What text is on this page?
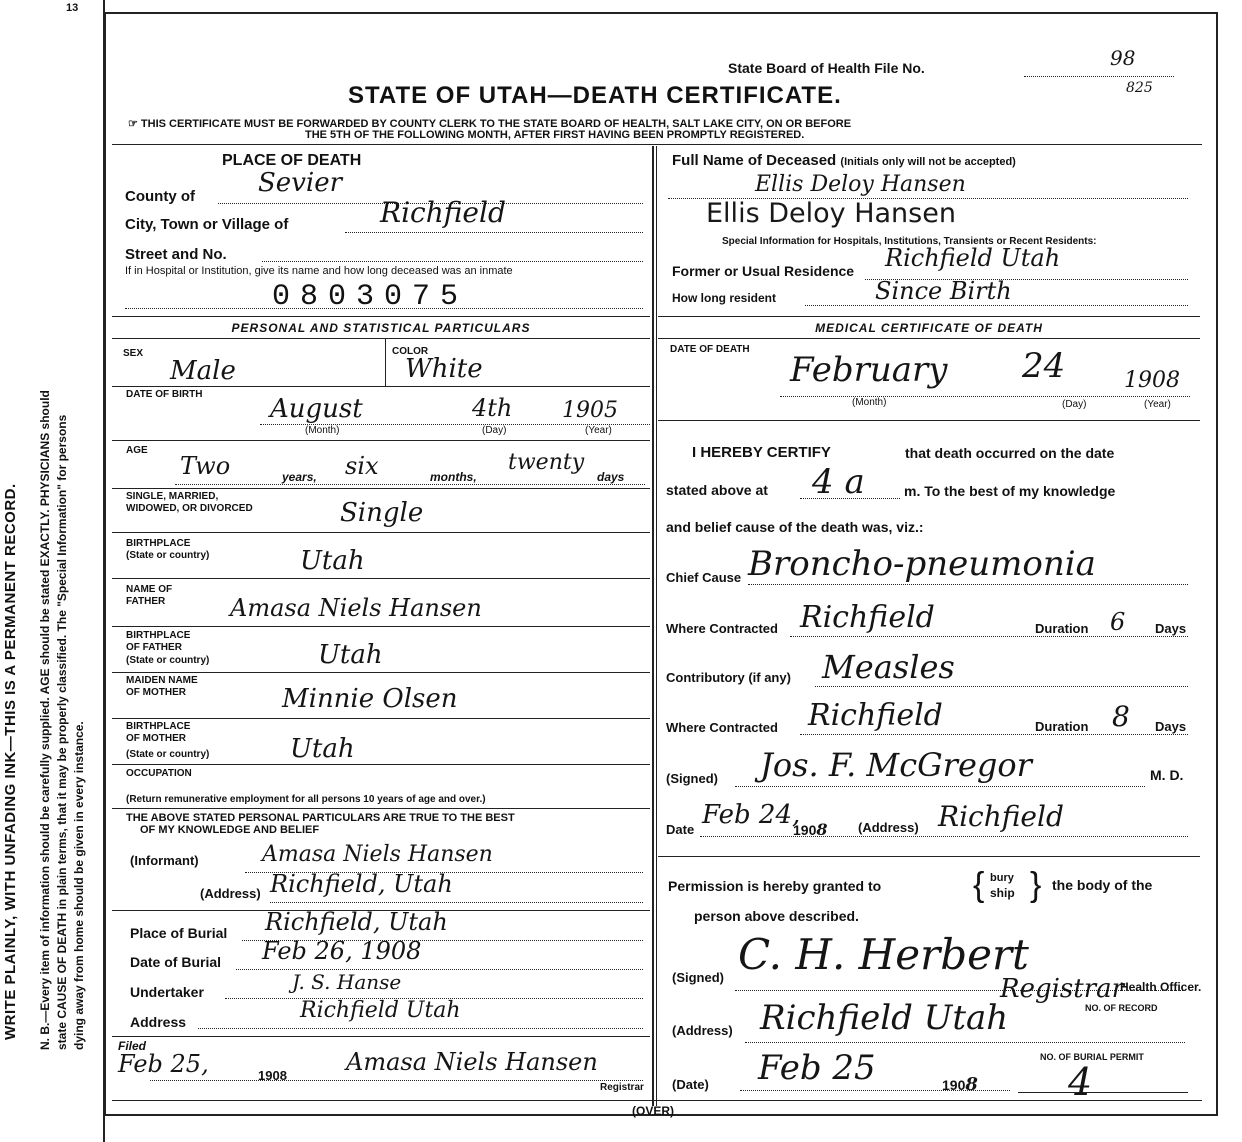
N. B.—Every item of information should be carefully supplied. AGE should be stated EXACTLY. PHYSICIANS should state CAUSE OF DEATH in plain terms, that it may be properly classified. The "Special Information" for persons dying away from home should be given in every instance.
WRITE PLAINLY, WITH UNFADING INK—THIS IS A PERMANENT RECORD.
13
State Board of Health File No.	98
825
STATE OF UTAH—DEATH CERTIFICATE.
☞ THIS CERTIFICATE MUST BE FORWARDED BY COUNTY CLERK TO THE STATE BOARD OF HEALTH, SALT LAKE CITY, ON OR BEFORE
THE 5TH OF THE FOLLOWING MONTH, AFTER FIRST HAVING BEEN PROMPTLY REGISTERED.
PLACE OF DEATH
County of Sevier
City, Town or Village of	Richfield
Street and No.
If in Hospital or Institution, give its name and how long deceased was an inmate
0803075
PERSONAL AND STATISTICAL PARTICULARS
SEX
Male
COLOR
White
DATE OF BIRTH	August	4th 1905
(Month)	(Day)	(Year)
AGE
Two	years, six	months,
twenty
days
SINGLE, MARRIED,
WIDOWED, OR DIVORCED	Single
BIRTHPLACE
(State or country)	Utah
NAME OF
FATHER	Amasa Niels Hansen
BIRTHPLACE
OF FATHER
(State or country)	Utah
MAIDEN NAME
OF MOTHER	Minnie Olsen
BIRTHPLACE
OF MOTHER
(State or country)	Utah
OCCUPATION
(Return remunerative employment for all persons 10 years of age and over.)
THE ABOVE STATED PERSONAL PARTICULARS ARE TRUE TO THE BEST
OF MY KNOWLEDGE AND BELIEF
(Informant)	Amasa Niels Hansen
(Address) Richfield, Utah
Place of Burial Richfield, Utah
Date of Burial Feb 26, 1908
Undertaker	J. S. Hanse
Address	Richfield Utah
Filed
Feb 25,	1908 Amasa Niels Hansen
Registrar
Full Name of Deceased (Initials only will not be accepted)
Ellis Deloy Hansen
Ellis Deloy Hansen
Special Information for Hospitals, Institutions, Transients or Recent Residents:
Former or Usual Residence Richfield Utah
How long resident	Since Birth
MEDICAL CERTIFICATE OF DEATH
DATE OF DEATH
February 24	1908
(Month)	(Day)	(Year)
I HEREBY CERTIFY	that death occurred on the date
stated above at 4 a	m. To the best of my knowledge
and belief cause of the death was, viz.:
Chief Cause Broncho-pneumonia
Where Contracted Richfield	Duration 6 Days
Contributory (if any) Measles
Where Contracted Richfield	Duration 8 Days
(Signed) Jos. F. McGregor	M. D.
Date Feb 24,
1908 (Address) Richfield
Permission is hereby granted to	{ bury
ship } the body of the
person above described.
(Signed) C. H. Herbert
Health Officer.
Registrar
NO. OF RECORD
(Address) Richfield Utah
NO. OF BURIAL PERMIT
(Date) Feb 25	1908 4
(OVER)
